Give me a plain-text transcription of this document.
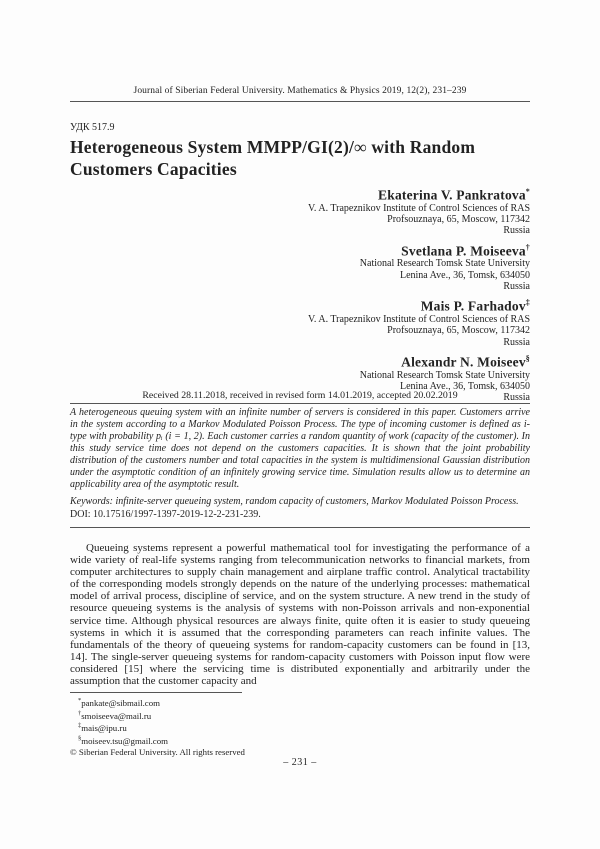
Journal of Siberian Federal University. Mathematics & Physics 2019, 12(2), 231–239
УДК 517.9
Heterogeneous System MMPP/GI(2)/∞ with Random Customers Capacities
Ekaterina V. Pankratova*
V. A. Trapeznikov Institute of Control Sciences of RAS
Profsouznaya, 65, Moscow, 117342
Russia
Svetlana P. Moiseeva†
National Research Tomsk State University
Lenina Ave., 36, Tomsk, 634050
Russia
Mais P. Farhadov‡
V. A. Trapeznikov Institute of Control Sciences of RAS
Profsouznaya, 65, Moscow, 117342
Russia
Alexandr N. Moiseev§
National Research Tomsk State University
Lenina Ave., 36, Tomsk, 634050
Russia
Received 28.11.2018, received in revised form 14.01.2019, accepted 20.02.2019
A heterogeneous queuing system with an infinite number of servers is considered in this paper. Customers arrive in the system according to a Markov Modulated Poisson Process. The type of incoming customer is defined as i-type with probability pᵢ (i = 1, 2). Each customer carries a random quantity of work (capacity of the customer). In this study service time does not depend on the customers capacities. It is shown that the joint probability distribution of the customers number and total capacities in the system is multidimensional Gaussian distribution under the asymptotic condition of an infinitely growing service time. Simulation results allow us to determine an applicability area of the asymptotic result.
Keywords: infinite-server queueing system, random capacity of customers, Markov Modulated Poisson Process.
DOI: 10.17516/1997-1397-2019-12-2-231-239.
Queueing systems represent a powerful mathematical tool for investigating the performance of a wide variety of real-life systems ranging from telecommunication networks to financial markets, from computer architectures to supply chain management and airplane traffic control. Analytical tractability of the corresponding models strongly depends on the nature of the underlying processes: mathematical model of arrival process, discipline of service, and on the system structure. A new trend in the study of resource queueing systems is the analysis of systems with non-Poisson arrivals and non-exponential service time. Although physical resources are always finite, quite often it is easier to study queueing systems in which it is assumed that the corresponding parameters can reach infinite values. The fundamentals of the theory of queueing systems for random-capacity customers can be found in [13, 14]. The single-server queueing systems for random-capacity customers with Poisson input flow were considered [15] where the servicing time is distributed exponentially and arbitrarily under the assumption that the customer capacity and
*pankate@sibmail.com
†smoiseeva@mail.ru
‡mais@ipu.ru
§moiseev.tsu@gmail.com
© Siberian Federal University. All rights reserved
– 231 –
